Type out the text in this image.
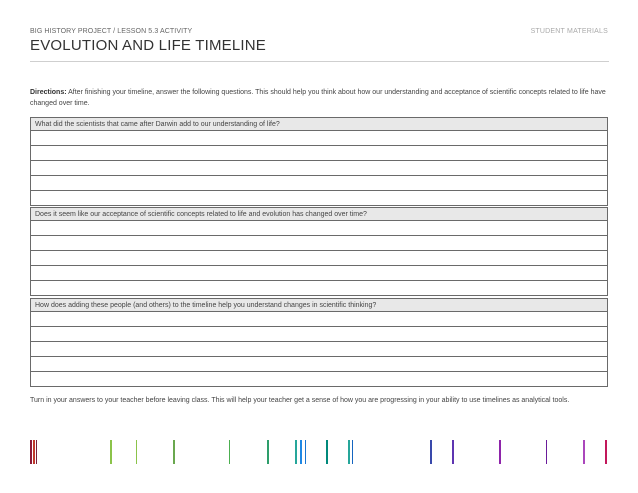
BIG HISTORY PROJECT / LESSON 5.3 ACTIVITY	STUDENT MATERIALS
EVOLUTION AND LIFE TIMELINE
Directions: After finishing your timeline, answer the following questions. This should help you think about how our understanding and acceptance of scientific concepts related to life have changed over time.
What did the scientists that came after Darwin add to our understanding of life?
Does it seem like our acceptance of scientific concepts related to life and evolution has changed over time?
How does adding these people (and others) to the timeline help you understand changes in scientific thinking?
Turn in your answers to your teacher before leaving class. This will help your teacher get a sense of how you are progressing in your ability to use timelines as analytical tools.
